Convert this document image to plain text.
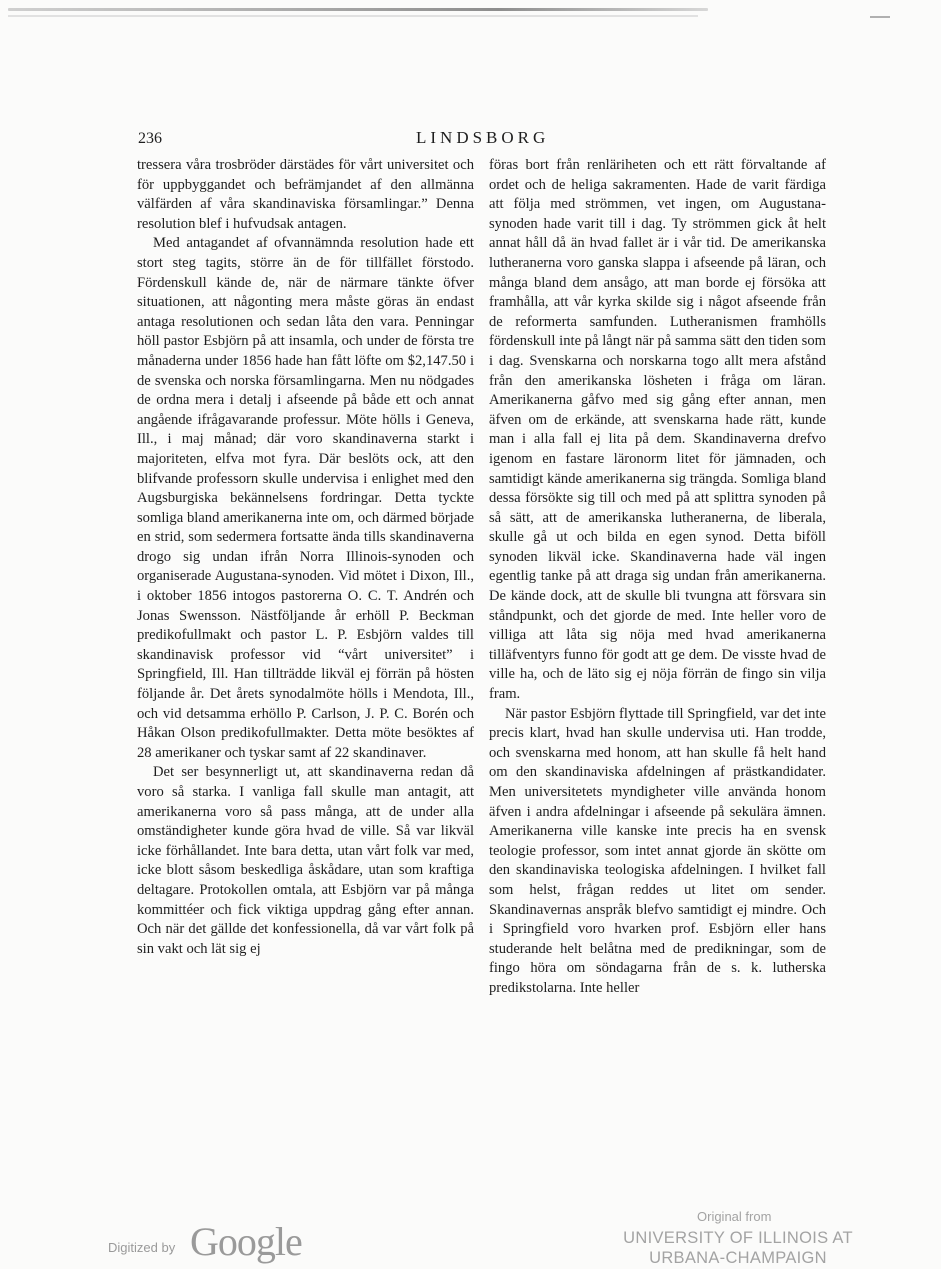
236	LINDSBORG

tressera våra trosbröder därstädes för vårt universitet och för uppbyggandet och befrämjandet af den allmänna välfärden af våra skandinaviska församlingar.” Denna resolution blef i hufvudsak antagen.

Med antagandet af ofvannämnda resolution hade ett stort steg tagits, större än de för tillfället förstodo. Fördenskull kände de, när de närmare tänkte öfver situationen, att någonting mera måste göras än endast antaga resolutionen och sedan låta den vara. Penningar höll pastor Esbjörn på att insamla, och under de första tre månaderna under 1856 hade han fått löfte om $2,147.50 i de svenska och norska församlingarna. Men nu nödgades de ordna mera i detalj i afseende på både ett och annat angående ifrågavarande professur. Möte hölls i Geneva, Ill., i maj månad; där voro skandinaverna starkt i majoriteten, elfva mot fyra. Där beslöts ock, att den blifvande professorn skulle undervisa i enlighet med den Augsburgiska bekännelsens fordringar. Detta tyckte somliga bland amerikanerna inte om, och därmed började en strid, som sedermera fortsatte ända tills skandinaverna drogo sig undan ifrån Norra Illinois-synoden och organiserade Augustana-synoden. Vid mötet i Dixon, Ill., i oktober 1856 intogos pastorerna O. C. T. Andrén och Jonas Swensson. Nästföljande år erhöll P. Beckman predikofullmakt och pastor L. P. Esbjörn valdes till skandinavisk professor vid “vårt universitet” i Springfield, Ill. Han tillträdde likväl ej förrän på hösten följande år. Det årets synodalmöte hölls i Mendota, Ill., och vid detsamma erhöllo P. Carlson, J. P. C. Borén och Håkan Olson predikofullmakter. Detta möte besöktes af 28 amerikaner och tyskar samt af 22 skandinaver.

Det ser besynnerligt ut, att skandinaverna redan då voro så starka. I vanliga fall skulle man antagit, att amerikanerna voro så pass många, att de under alla omständigheter kunde göra hvad de ville. Så var likväl icke förhållandet. Inte bara detta, utan vårt folk var med, icke blott såsom beskedliga åskådare, utan som kraftiga deltagare. Protokollen omtala, att Esbjörn var på många kommittéer och fick viktiga uppdrag gång efter annan. Och när det gällde det konfessionella, då var vårt folk på sin vakt och lät sig ej

föras bort från renläriheten och ett rätt förvaltande af ordet och de heliga sakramenten. Hade de varit färdiga att följa med strömmen, vet ingen, om Augustana-synoden hade varit till i dag. Ty strömmen gick åt helt annat håll då än hvad fallet är i vår tid. De amerikanska lutheranerna voro ganska slappa i afseende på läran, och många bland dem ansågo, att man borde ej försöka att framhålla, att vår kyrka skilde sig i något afseende från de reformerta samfunden. Lutheranismen framhölls fördenskull inte på långt när på samma sätt den tiden som i dag. Svenskarna och norskarna togo allt mera afstånd från den amerikanska lösheten i fråga om läran. Amerikanerna gåfvo med sig gång efter annan, men äfven om de erkände, att svenskarna hade rätt, kunde man i alla fall ej lita på dem. Skandinaverna drefvo igenom en fastare läronorm litet för jämnaden, och samtidigt kände amerikanerna sig trängda. Somliga bland dessa försökte sig till och med på att splittra synoden på så sätt, att de amerikanska lutheranerna, de liberala, skulle gå ut och bilda en egen synod. Detta biföll synoden likväl icke. Skandinaverna hade väl ingen egentlig tanke på att draga sig undan från amerikanerna. De kände dock, att de skulle bli tvungna att försvara sin ståndpunkt, och det gjorde de med. Inte heller voro de villiga att låta sig nöja med hvad amerikanerna tilläfventyrs funno för godt att ge dem. De visste hvad de ville ha, och de läto sig ej nöja förrän de fingo sin vilja fram.

När pastor Esbjörn flyttade till Springfield, var det inte precis klart, hvad han skulle undervisa uti. Han trodde, och svenskarna med honom, att han skulle få helt hand om den skandinaviska afdelningen af prästkandidater. Men universitetets myndigheter ville använda honom äfven i andra afdelningar i afseende på sekulära ämnen. Amerikanerna ville kanske inte precis ha en svensk teologie professor, som intet annat gjorde än skötte om den skandinaviska teologiska afdelningen. I hvilket fall som helst, frågan reddes ut litet om sender. Skandinavernas anspråk blefvo samtidigt ej mindre. Och i Springfield voro hvarken prof. Esbjörn eller hans studerande helt belåtna med de predikningar, som de fingo höra om söndagarna från de s. k. lutherska predikstolarna. Inte heller

Digitized by Google
Original from
UNIVERSITY OF ILLINOIS AT
URBANA-CHAMPAIGN
